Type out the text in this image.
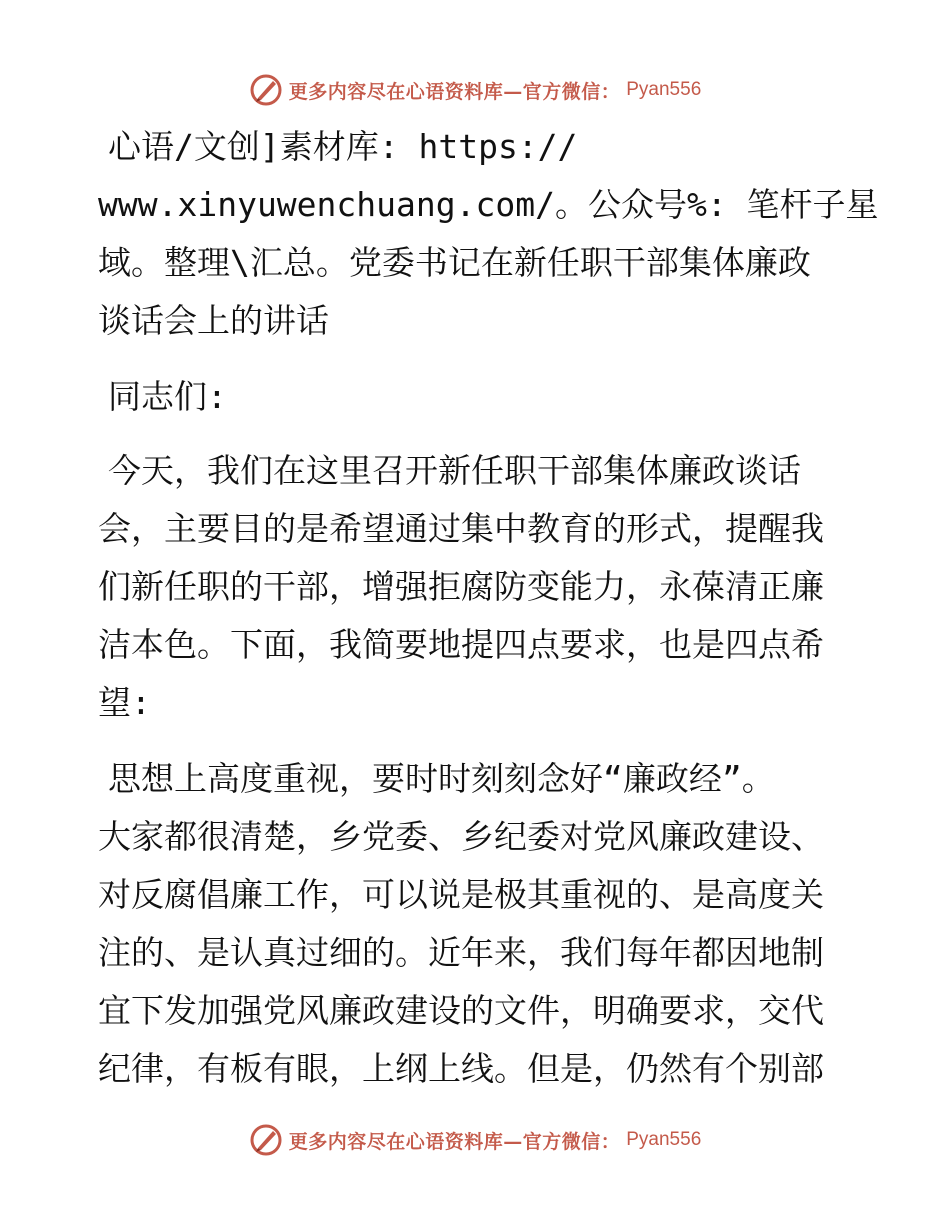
更多内容尽在心语资料库—官方微信： Pyan556
心语/文创]素材库: https://
www.xinyuwenchuang.com/。公众号%: 笔杆子星
域。整理\汇总。党委书记在新任职干部集体廉政
谈话会上的讲话
同志们:
今天，我们在这里召开新任职干部集体廉政谈话
会，主要目的是希望通过集中教育的形式，提醒我
们新任职的干部，增强拒腐防变能力，永葆清正廉
洁本色。下面，我简要地提四点要求，也是四点希
望:
思想上高度重视，要时时刻刻念好“廉政经”。
大家都很清楚，乡党委、乡纪委对党风廉政建设、
对反腐倡廉工作，可以说是极其重视的、是高度关
注的、是认真过细的。近年来，我们每年都因地制
宜下发加强党风廉政建设的文件，明确要求，交代
纪律，有板有眼，上纲上线。但是，仍然有个别部
更多内容尽在心语资料库—官方微信： Pyan556
